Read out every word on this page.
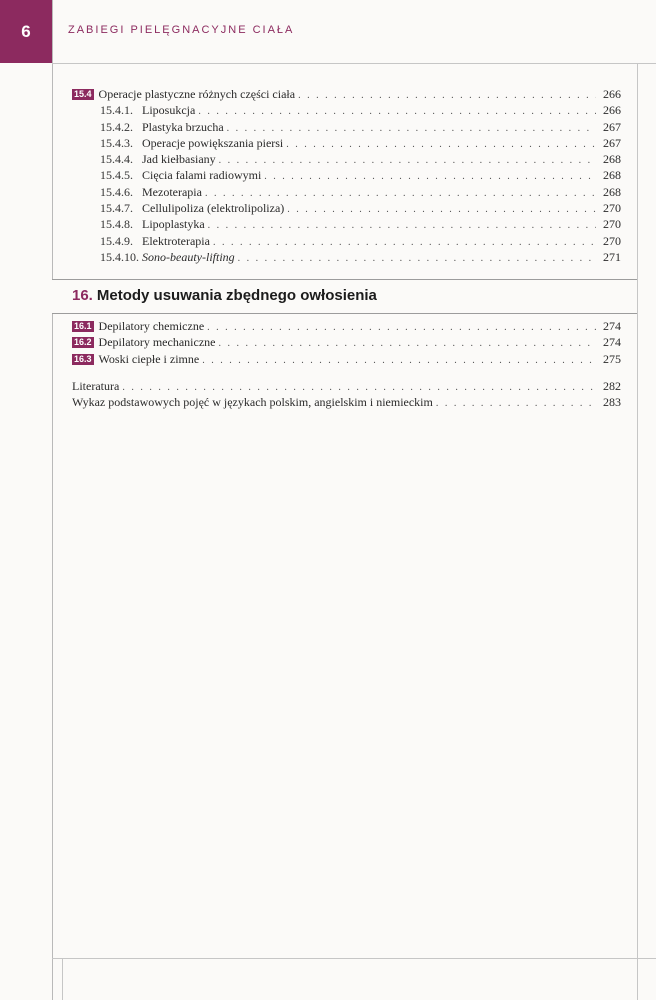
6	ZABIEGI PIELĘGNACYJNE CIAŁA
15.4 Operacje plastyczne różnych części ciała . . .	266
15.4.1. Liposukcja . . .	266
15.4.2. Plastyka brzucha . . .	267
15.4.3. Operacje powiększania piersi . . .	267
15.4.4. Jad kiełbasiany . . .	268
15.4.5. Cięcia falami radiowymi . . .	268
15.4.6. Mezoterapia . . .	268
15.4.7. Cellulipoliza (elektrolipoliza) . . .	270
15.4.8. Lipoplastyka . . .	270
15.4.9. Elektroterapia . . .	270
15.4.10. Sono-beauty-lifting . . .	271
16. Metody usuwania zbędnego owłosienia
16.1 Depilatory chemiczne . . .	274
16.2 Depilatory mechaniczne . . .	274
16.3 Woski ciepłe i zimne . . .	275
Literatura . . .	282
Wykaz podstawowych pojęć w językach polskim, angielskim i niemieckim . . .	283
